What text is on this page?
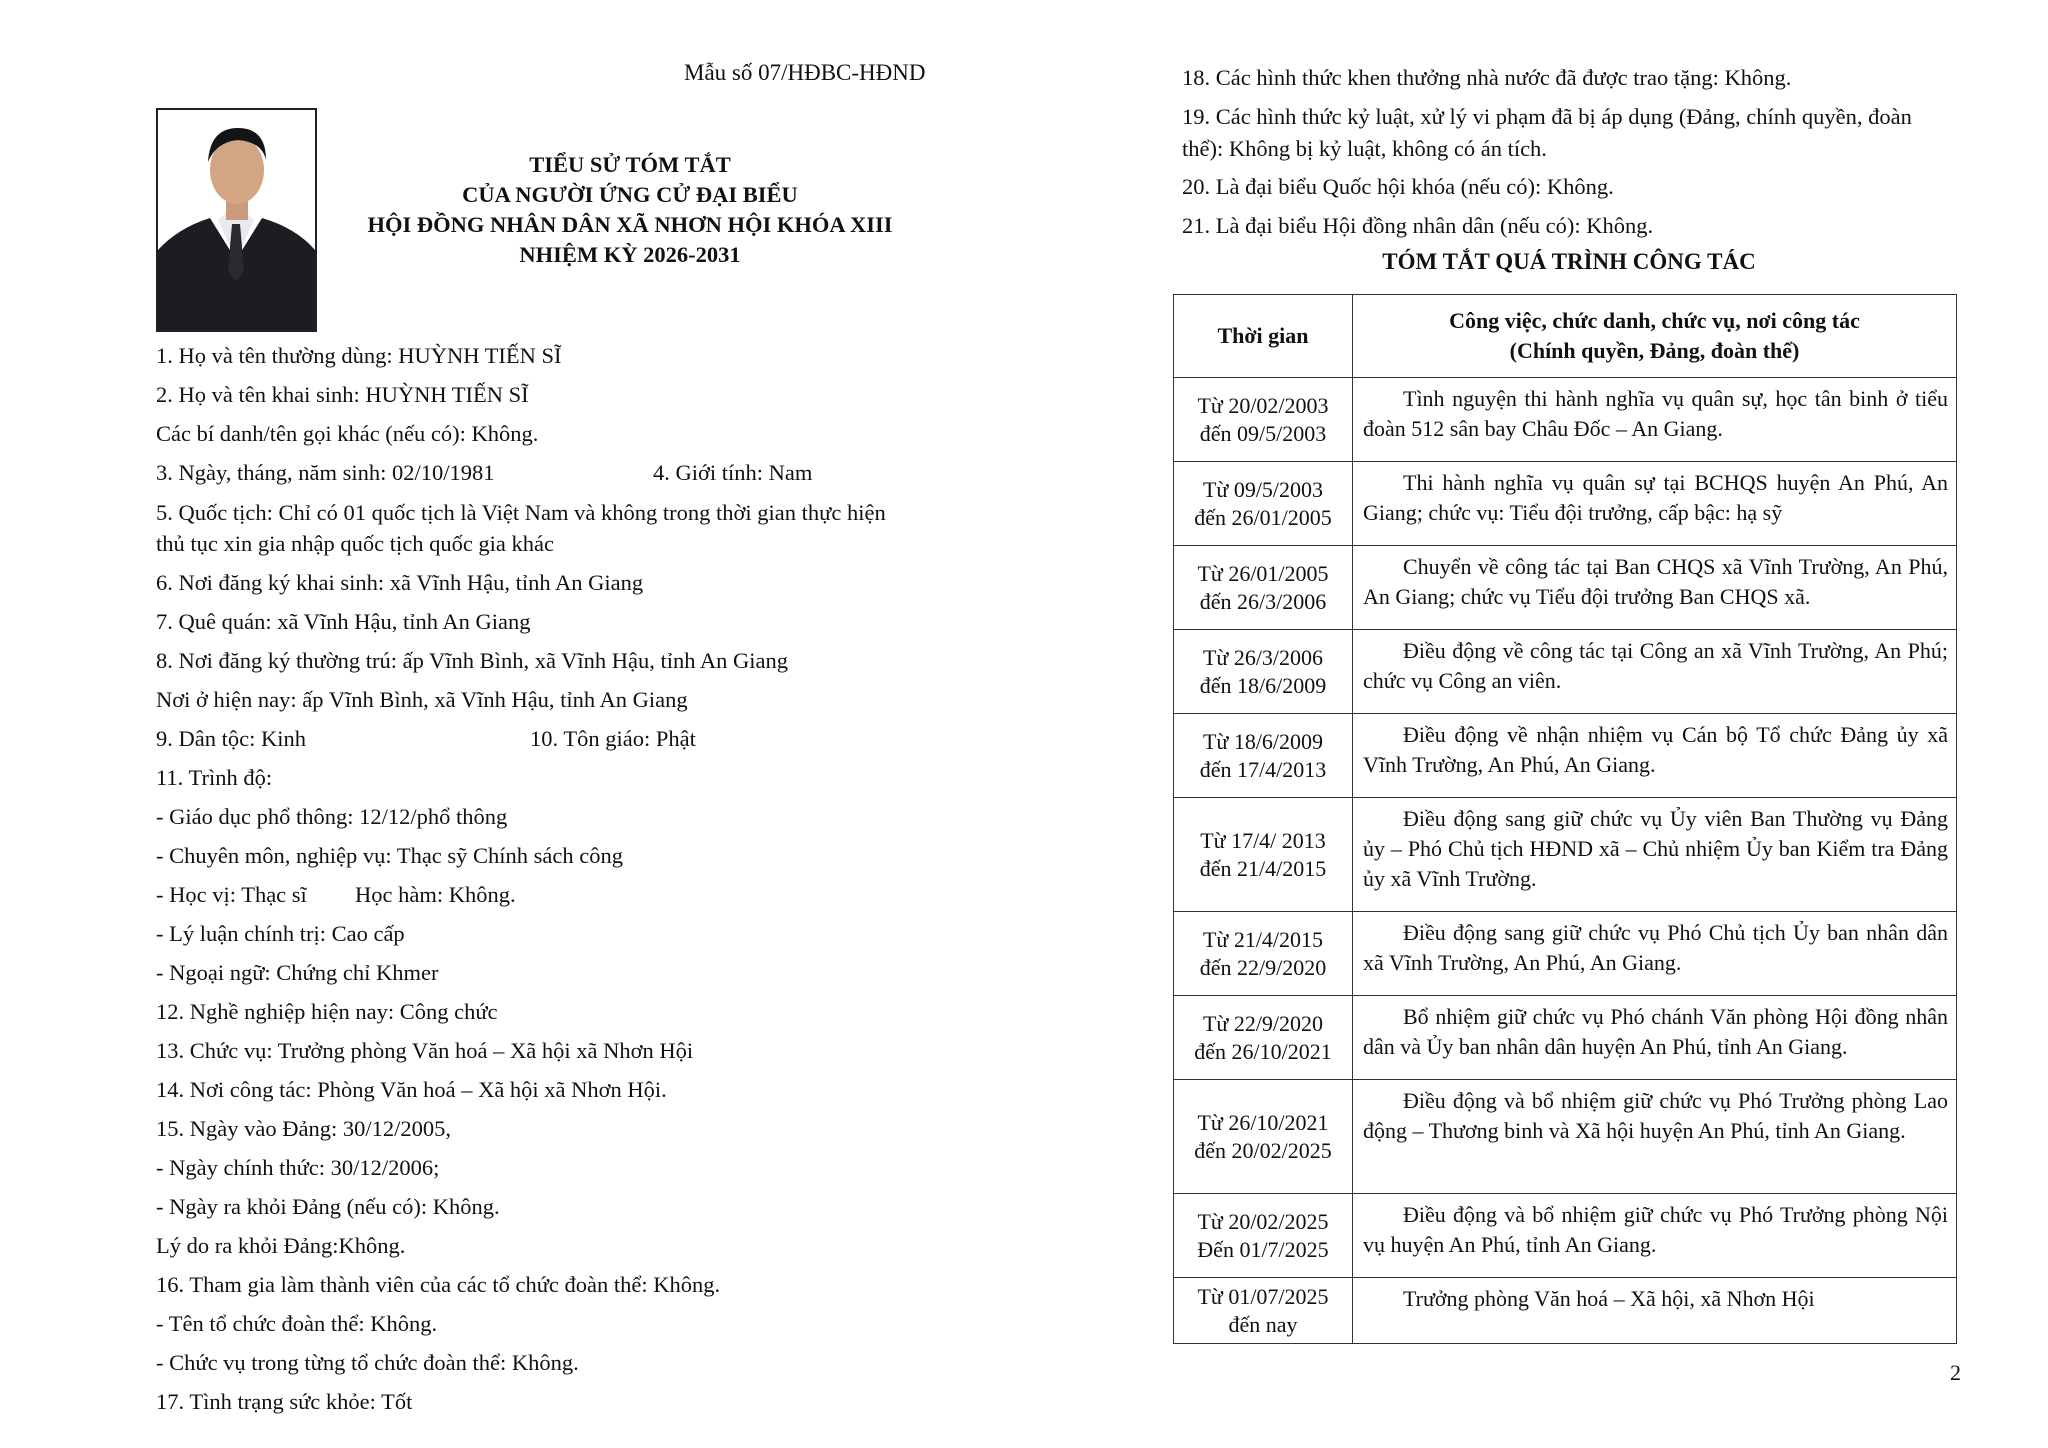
Mẫu số 07/HĐBC-HĐND
TIỂU SỬ TÓM TẮT
CỦA NGƯỜI ỨNG CỬ ĐẠI BIỂU
HỘI ĐỒNG NHÂN DÂN XÃ NHƠN HỘI KHÓA XIII
NHIỆM KỲ 2026-2031
1. Họ và tên thường dùng: HUỲNH TIẾN SĨ
2. Họ và tên khai sinh: HUỲNH TIẾN SĨ
Các bí danh/tên gọi khác (nếu có): Không.
3. Ngày, tháng, năm sinh: 02/10/1981	4. Giới tính: Nam
5. Quốc tịch: Chỉ có 01 quốc tịch là Việt Nam và không trong thời gian thực hiện thủ tục xin gia nhập quốc tịch quốc gia khác
6. Nơi đăng ký khai sinh: xã Vĩnh Hậu, tỉnh An Giang
7. Quê quán: xã Vĩnh Hậu, tỉnh An Giang
8. Nơi đăng ký thường trú: ấp Vĩnh Bình, xã Vĩnh Hậu, tỉnh An Giang
Nơi ở hiện nay: ấp Vĩnh Bình, xã Vĩnh Hậu, tỉnh An Giang
9. Dân tộc: Kinh	10. Tôn giáo: Phật
11. Trình độ:
- Giáo dục phổ thông: 12/12/phổ thông
- Chuyên môn, nghiệp vụ: Thạc sỹ Chính sách công
- Học vị: Thạc sĩ Học hàm: Không.
- Lý luận chính trị: Cao cấp
- Ngoại ngữ: Chứng chỉ Khmer
12. Nghề nghiệp hiện nay: Công chức
13. Chức vụ: Trưởng phòng Văn hoá – Xã hội xã Nhơn Hội
14. Nơi công tác: Phòng Văn hoá – Xã hội xã Nhơn Hội.
15. Ngày vào Đảng: 30/12/2005,
- Ngày chính thức: 30/12/2006;
- Ngày ra khỏi Đảng (nếu có): Không.
Lý do ra khỏi Đảng:Không.
16. Tham gia làm thành viên của các tổ chức đoàn thể: Không.
- Tên tổ chức đoàn thể: Không.
- Chức vụ trong từng tổ chức đoàn thể: Không.
17. Tình trạng sức khỏe: Tốt
18. Các hình thức khen thưởng nhà nước đã được trao tặng: Không.
19. Các hình thức kỷ luật, xử lý vi phạm đã bị áp dụng (Đảng, chính quyền, đoàn thể): Không bị kỷ luật, không có án tích.
20. Là đại biểu Quốc hội khóa (nếu có): Không.
21. Là đại biểu Hội đồng nhân dân (nếu có): Không.
TÓM TẮT QUÁ TRÌNH CÔNG TÁC
Thời gian	Công việc, chức danh, chức vụ, nơi công tác
(Chính quyền, Đảng, đoàn thể)

Từ 20/02/2003
đến 09/5/2003	Tình nguyện thi hành nghĩa vụ quân sự, học tân binh ở tiểu đoàn 512 sân bay Châu Đốc – An Giang.

Từ 09/5/2003
đến 26/01/2005	Thi hành nghĩa vụ quân sự tại BCHQS huyện An Phú, An Giang; chức vụ: Tiểu đội trưởng, cấp bậc: hạ sỹ

Từ 26/01/2005
đến 26/3/2006	Chuyển về công tác tại Ban CHQS xã Vĩnh Trường, An Phú, An Giang; chức vụ Tiểu đội trưởng Ban CHQS xã.

Từ 26/3/2006
đến 18/6/2009	Điều động về công tác tại Công an xã Vĩnh Trường, An Phú; chức vụ Công an viên.

Từ 18/6/2009
đến 17/4/2013	Điều động về nhận nhiệm vụ Cán bộ Tổ chức Đảng ủy xã Vĩnh Trường, An Phú, An Giang.

Từ 17/4/ 2013
đến 21/4/2015	Điều động sang giữ chức vụ Ủy viên Ban Thường vụ Đảng ủy – Phó Chủ tịch HĐND xã – Chủ nhiệm Ủy ban Kiểm tra Đảng ủy xã Vĩnh Trường.

Từ 21/4/2015
đến 22/9/2020	Điều động sang giữ chức vụ Phó Chủ tịch Ủy ban nhân dân xã Vĩnh Trường, An Phú, An Giang.

Từ 22/9/2020
đến 26/10/2021	Bổ nhiệm giữ chức vụ Phó chánh Văn phòng Hội đồng nhân dân và Ủy ban nhân dân huyện An Phú, tỉnh An Giang.

Từ 26/10/2021
đến 20/02/2025	Điều động và bổ nhiệm giữ chức vụ Phó Trưởng phòng Lao động – Thương binh và Xã hội huyện An Phú, tỉnh An Giang.

Từ 20/02/2025
Đến 01/7/2025	Điều động và bổ nhiệm giữ chức vụ Phó Trưởng phòng Nội vụ huyện An Phú, tỉnh An Giang.

Từ 01/07/2025
đến nay	Trưởng phòng Văn hoá – Xã hội, xã Nhơn Hội
2
